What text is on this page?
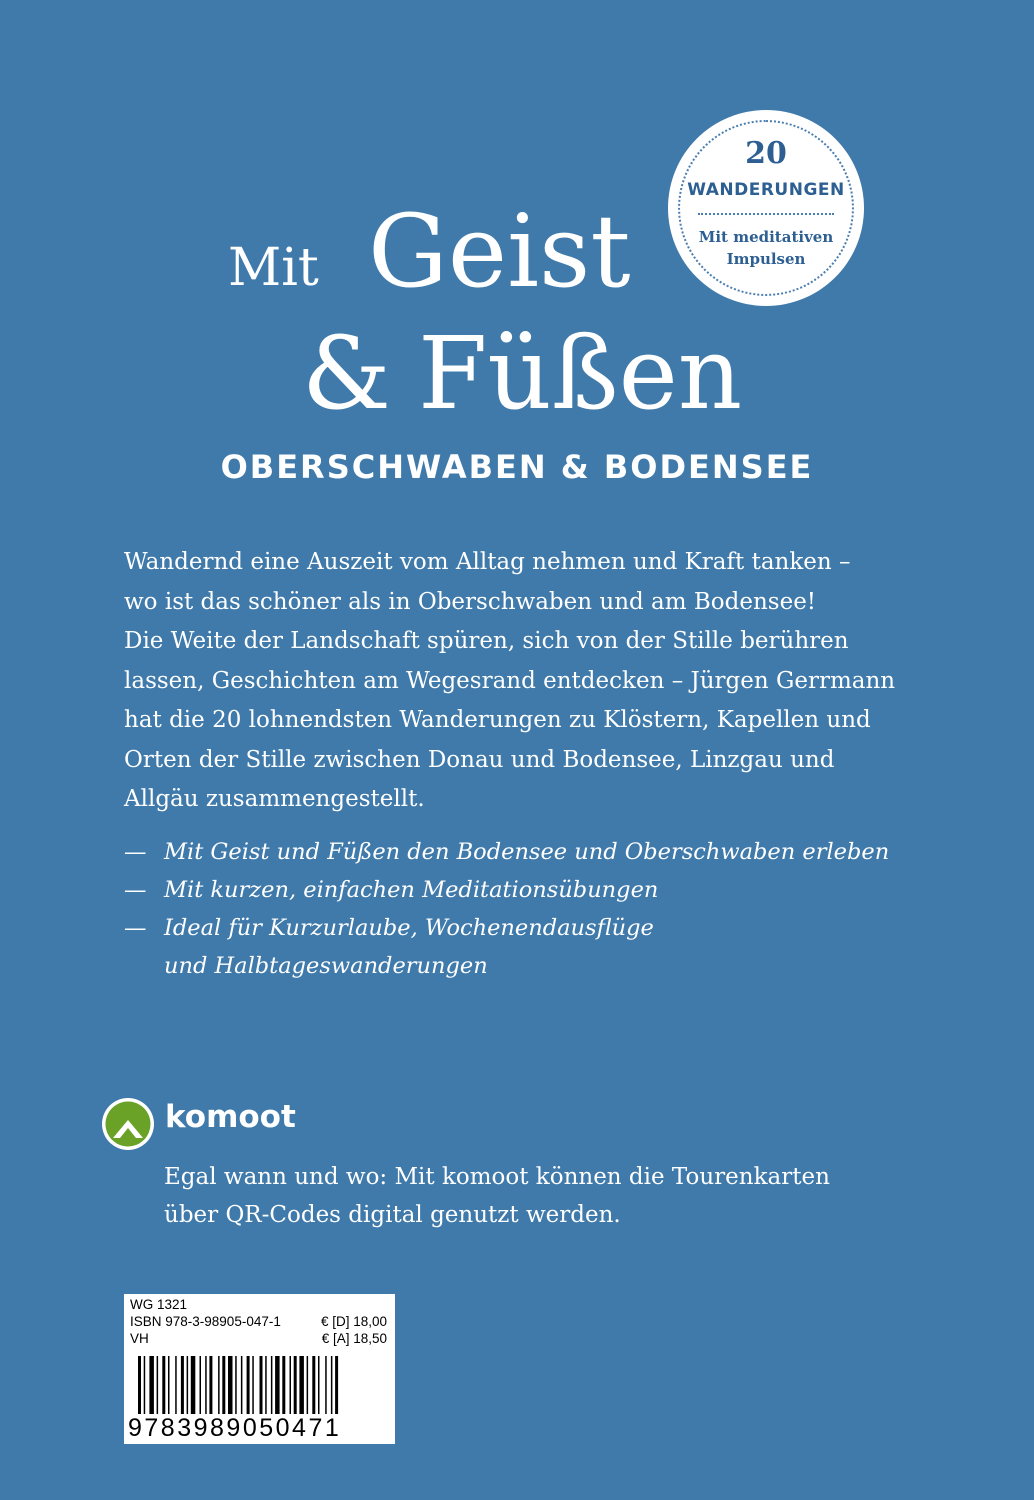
20
WANDERUNGEN
Mit meditativen
Impulsen
Mit Geist
& Füßen
OBERSCHWABEN & BODENSEE

Wandernd eine Auszeit vom Alltag nehmen und Kraft tanken –

wo ist das schöner als in Oberschwaben und am Bodensee!

Die Weite der Landschaft spüren, sich von der Stille berühren

lassen, Geschichten am Wegesrand entdecken – Jürgen Gerrmann

hat die 20 lohnendsten Wanderungen zu Klöstern, Kapellen und

Orten der Stille zwischen Donau und Bodensee, Linzgau und

Allgäu zusammengestellt.

— Mit Geist und Füßen den Bodensee und Oberschwaben erleben
— Mit kurzen, einfachen Meditationsübungen
— Ideal für Kurzurlaube, Wochenendausflüge
und Halbtageswanderungen
komoot

Egal wann und wo: Mit komoot können die Tourenkarten

über QR-Codes digital genutzt werden.

WG 1321
ISBN 978-3-98905-047-1	€ [D] 18,00
VH	€ [A] 18,50
9783989050471
